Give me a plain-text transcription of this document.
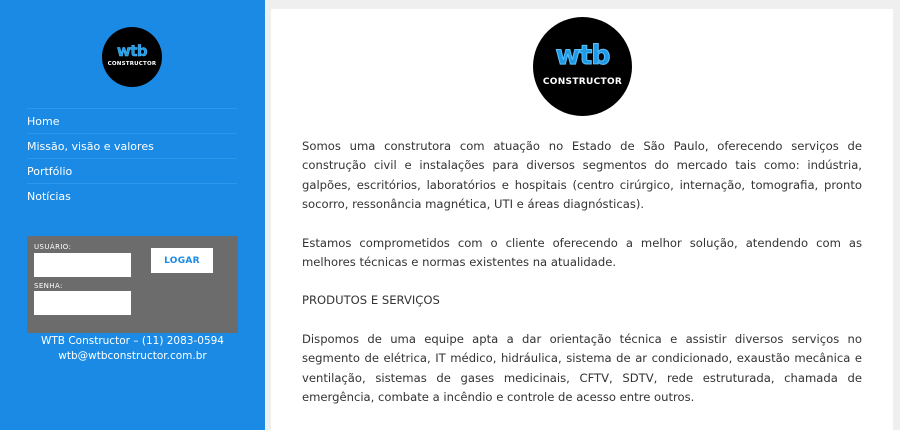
wtb
CONSTRUCTOR
Home
Missão, visão e valores
Portfólio
Notícias
USUÁRIO:
SENHA:
LOGAR
WTB Constructor – (11) 2083-0594
wtb@wtbconstructor.com.br
wtb
CONSTRUCTOR

Somos uma construtora com atuação no Estado de São Paulo, oferecendo serviços de construção civil e instalações para diversos segmentos do mercado tais como: indústria, galpões, escritórios, laboratórios e hospitais (centro cirúrgico, internação, tomografia, pronto socorro, ressonância magnética, UTI e áreas diagnósticas).

Estamos comprometidos com o cliente oferecendo a melhor solução, atendendo com as melhores técnicas e normas existentes na atualidade.

PRODUTOS E SERVIÇOS

Dispomos de uma equipe apta a dar orientação técnica e assistir diversos serviços no segmento de elétrica, IT médico, hidráulica, sistema de ar condicionado, exaustão mecânica e ventilação, sistemas de gases medicinais, CFTV, SDTV, rede estruturada, chamada de emergência, combate a incêndio e controle de acesso entre outros.
